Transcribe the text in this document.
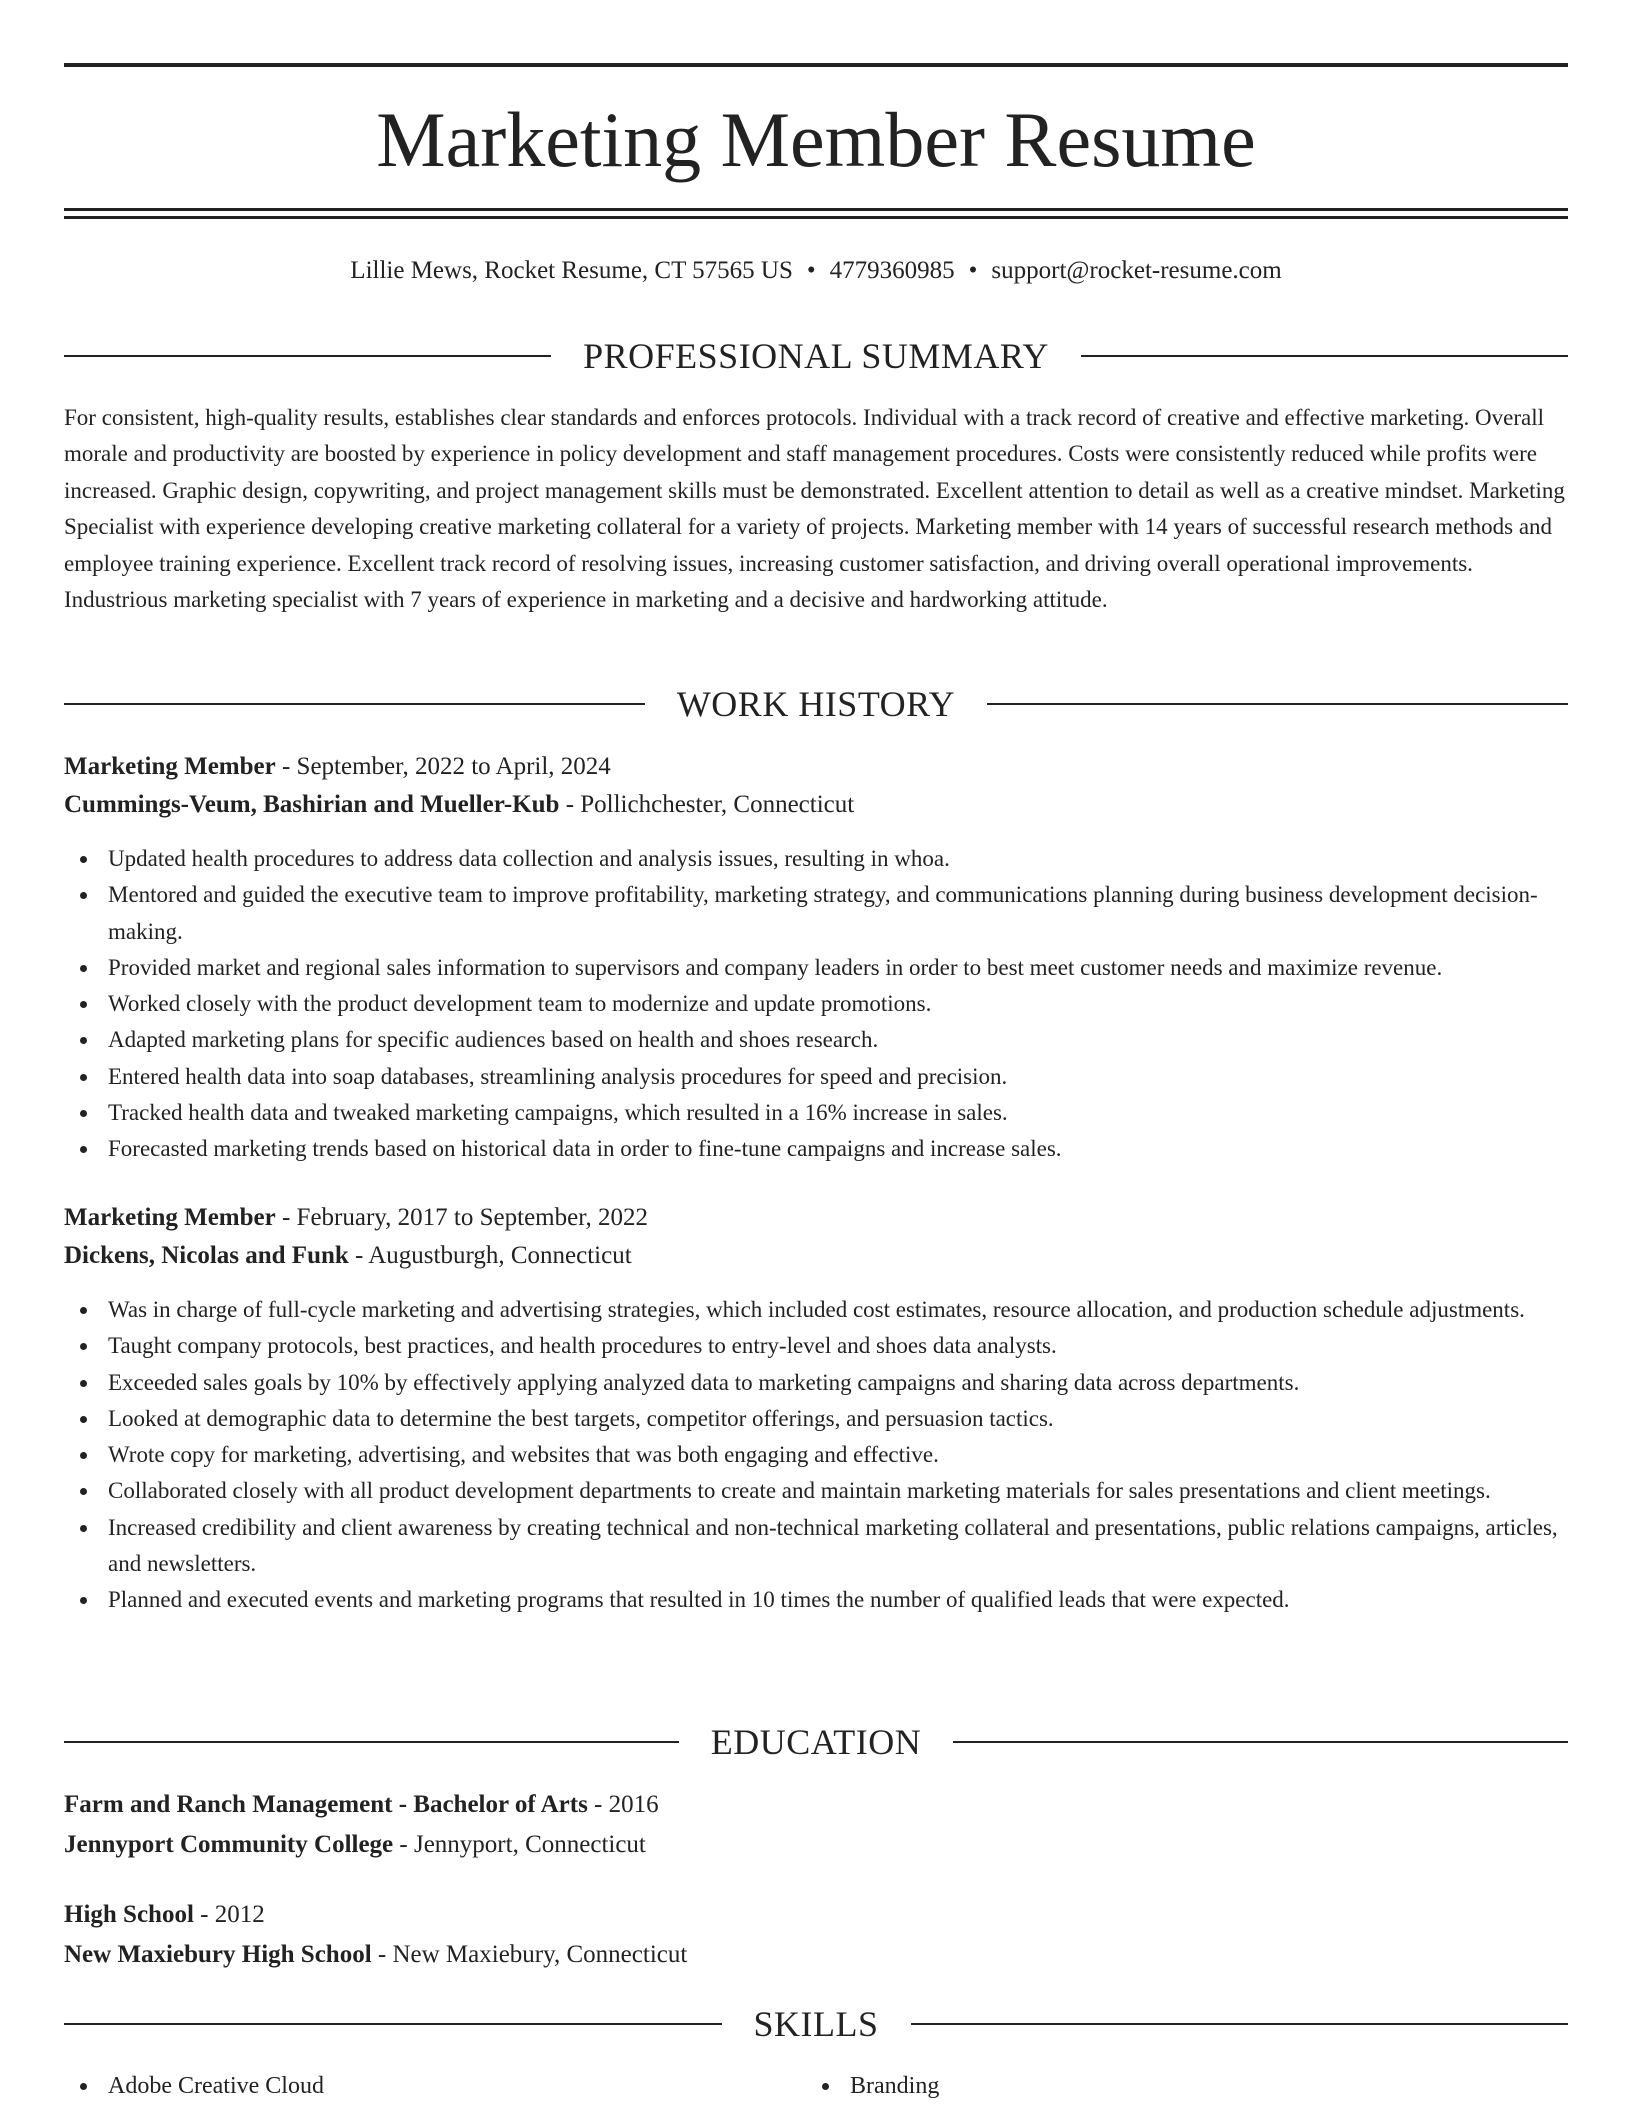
Marketing Member Resume
Lillie Mews, Rocket Resume, CT 57565 US • 4779360985 • support@rocket-resume.com
PROFESSIONAL SUMMARY

For consistent, high-quality results, establishes clear standards and enforces protocols. Individual with a track record of creative and effective marketing. Overall morale and productivity are boosted by experience in policy development and staff management procedures. Costs were consistently reduced while profits were increased. Graphic design, copywriting, and project management skills must be demonstrated. Excellent attention to detail as well as a creative mindset. Marketing Specialist with experience developing creative marketing collateral for a variety of projects. Marketing member with 14 years of successful research methods and employee training experience. Excellent track record of resolving issues, increasing customer satisfaction, and driving overall operational improvements. Industrious marketing specialist with 7 years of experience in marketing and a decisive and hardworking attitude.

WORK HISTORY
Marketing Member - September, 2022 to April, 2024
Cummings-Veum, Bashirian and Mueller-Kub - Pollichchester, Connecticut
Updated health procedures to address data collection and analysis issues, resulting in whoa.
Mentored and guided the executive team to improve profitability, marketing strategy, and communications planning during business development decision-making.
Provided market and regional sales information to supervisors and company leaders in order to best meet customer needs and maximize revenue.
Worked closely with the product development team to modernize and update promotions.
Adapted marketing plans for specific audiences based on health and shoes research.
Entered health data into soap databases, streamlining analysis procedures for speed and precision.
Tracked health data and tweaked marketing campaigns, which resulted in a 16% increase in sales.
Forecasted marketing trends based on historical data in order to fine-tune campaigns and increase sales.
Marketing Member - February, 2017 to September, 2022
Dickens, Nicolas and Funk - Augustburgh, Connecticut
Was in charge of full-cycle marketing and advertising strategies, which included cost estimates, resource allocation, and production schedule adjustments.
Taught company protocols, best practices, and health procedures to entry-level and shoes data analysts.
Exceeded sales goals by 10% by effectively applying analyzed data to marketing campaigns and sharing data across departments.
Looked at demographic data to determine the best targets, competitor offerings, and persuasion tactics.
Wrote copy for marketing, advertising, and websites that was both engaging and effective.
Collaborated closely with all product development departments to create and maintain marketing materials for sales presentations and client meetings.
Increased credibility and client awareness by creating technical and non-technical marketing collateral and presentations, public relations campaigns, articles, and newsletters.
Planned and executed events and marketing programs that resulted in 10 times the number of qualified leads that were expected.
EDUCATION
Farm and Ranch Management - Bachelor of Arts - 2016
Jennyport Community College - Jennyport, Connecticut
High School - 2012
New Maxiebury High School - New Maxiebury, Connecticut
SKILLS
Adobe Creative Cloud	Branding
